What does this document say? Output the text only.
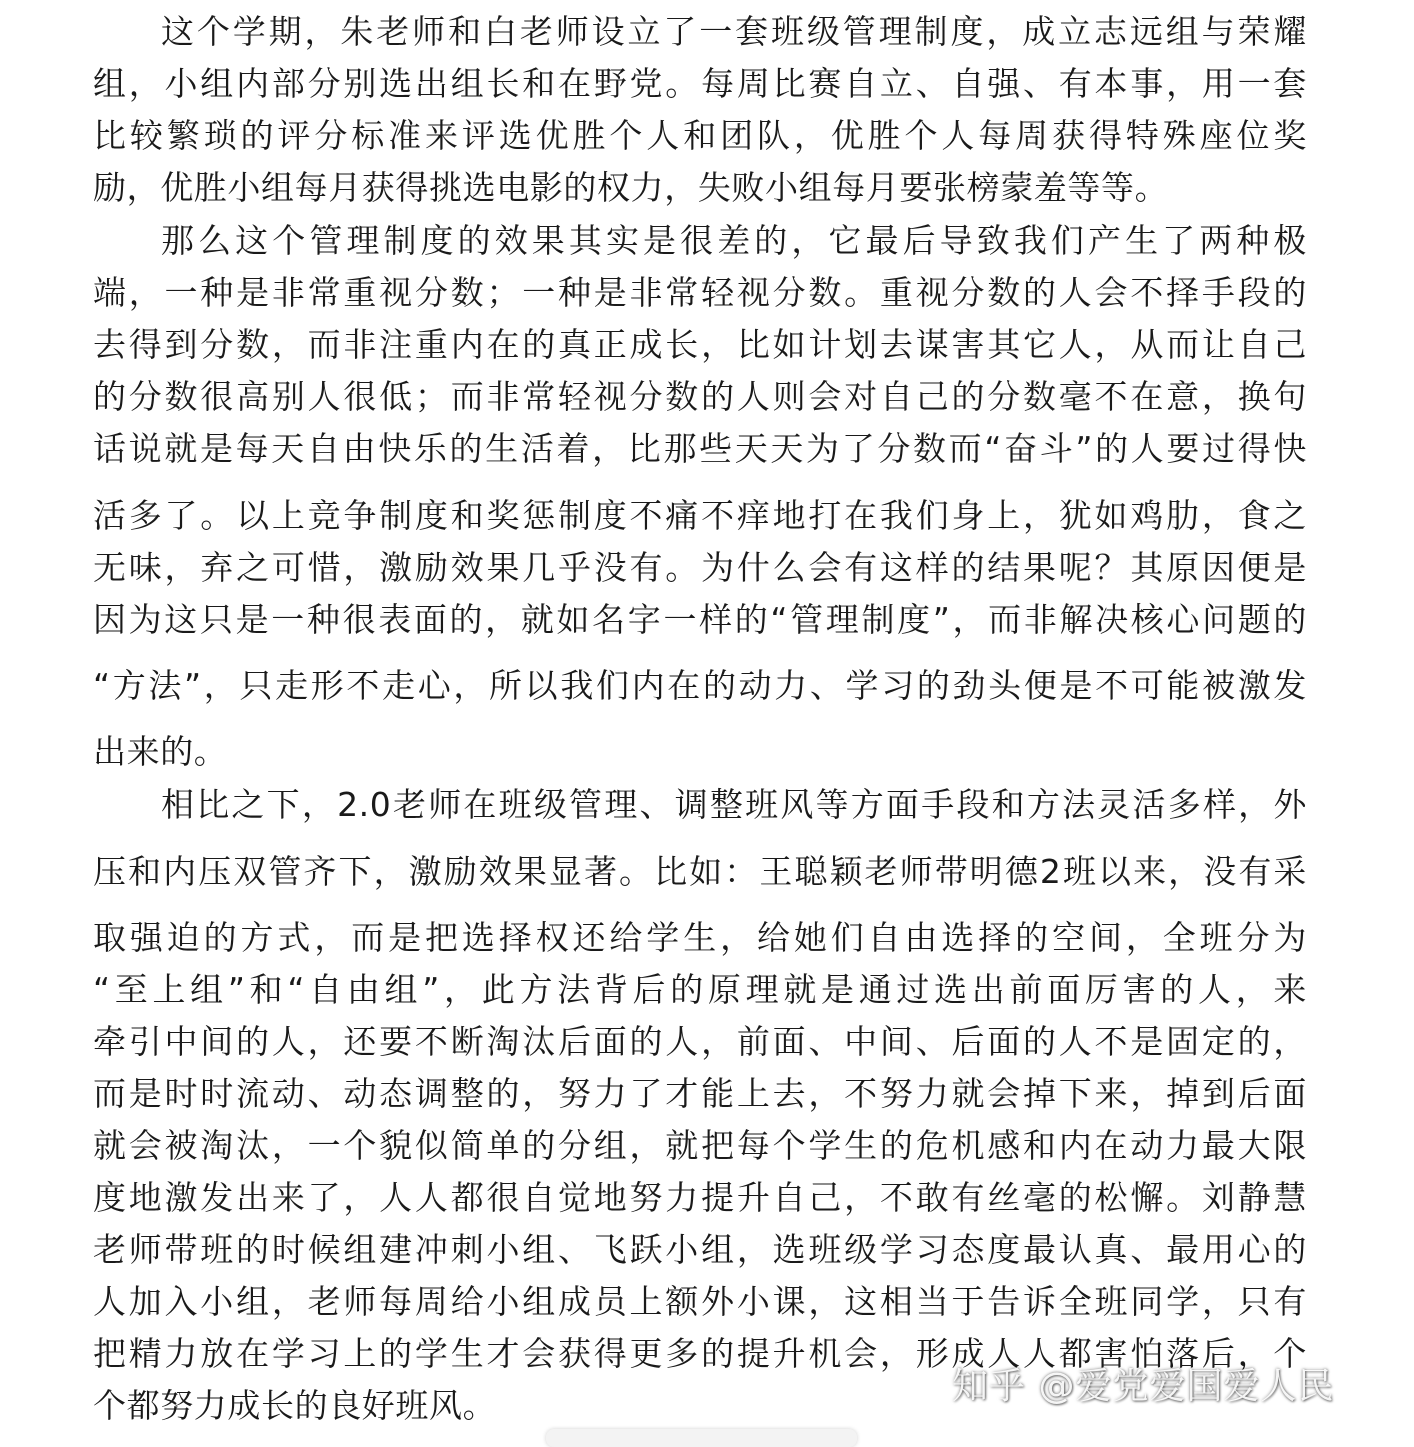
这个学期，朱老师和白老师设立了一套班级管理制度，成立志远组与荣耀
组，小组内部分别选出组长和在野党。每周比赛自立、自强、有本事，用一套
比较繁琐的评分标准来评选优胜个人和团队，优胜个人每周获得特殊座位奖
励，优胜小组每月获得挑选电影的权力，失败小组每月要张榜蒙羞等等。
那么这个管理制度的效果其实是很差的，它最后导致我们产生了两种极
端，一种是非常重视分数；一种是非常轻视分数。重视分数的人会不择手段的
去得到分数，而非注重内在的真正成长，比如计划去谋害其它人，从而让自己
的分数很高别人很低；而非常轻视分数的人则会对自己的分数毫不在意，换句
话说就是每天自由快乐的生活着，比那些天天为了分数而“奋斗”的人要过得快
活多了。以上竞争制度和奖惩制度不痛不痒地打在我们身上，犹如鸡肋，食之
无味，弃之可惜，激励效果几乎没有。为什么会有这样的结果呢？其原因便是
因为这只是一种很表面的，就如名字一样的“管理制度”，而非解决核心问题的
“方法”，只走形不走心，所以我们内在的动力、学习的劲头便是不可能被激发
出来的。
相比之下，2.0老师在班级管理、调整班风等方面手段和方法灵活多样，外
压和内压双管齐下，激励效果显著。比如：王聪颖老师带明德2班以来，没有采
取强迫的方式，而是把选择权还给学生，给她们自由选择的空间，全班分为
“至上组”和“自由组”，此方法背后的原理就是通过选出前面厉害的人，来
牵引中间的人，还要不断淘汰后面的人，前面、中间、后面的人不是固定的，
而是时时流动、动态调整的，努力了才能上去，不努力就会掉下来，掉到后面
就会被淘汰，一个貌似简单的分组，就把每个学生的危机感和内在动力最大限
度地激发出来了，人人都很自觉地努力提升自己，不敢有丝毫的松懈。刘静慧
老师带班的时候组建冲刺小组、飞跃小组，选班级学习态度最认真、最用心的
人加入小组，老师每周给小组成员上额外小课，这相当于告诉全班同学，只有
把精力放在学习上的学生才会获得更多的提升机会，形成人人都害怕落后，个
个都努力成长的良好班风。	知乎 @爱党爱国爱人民
